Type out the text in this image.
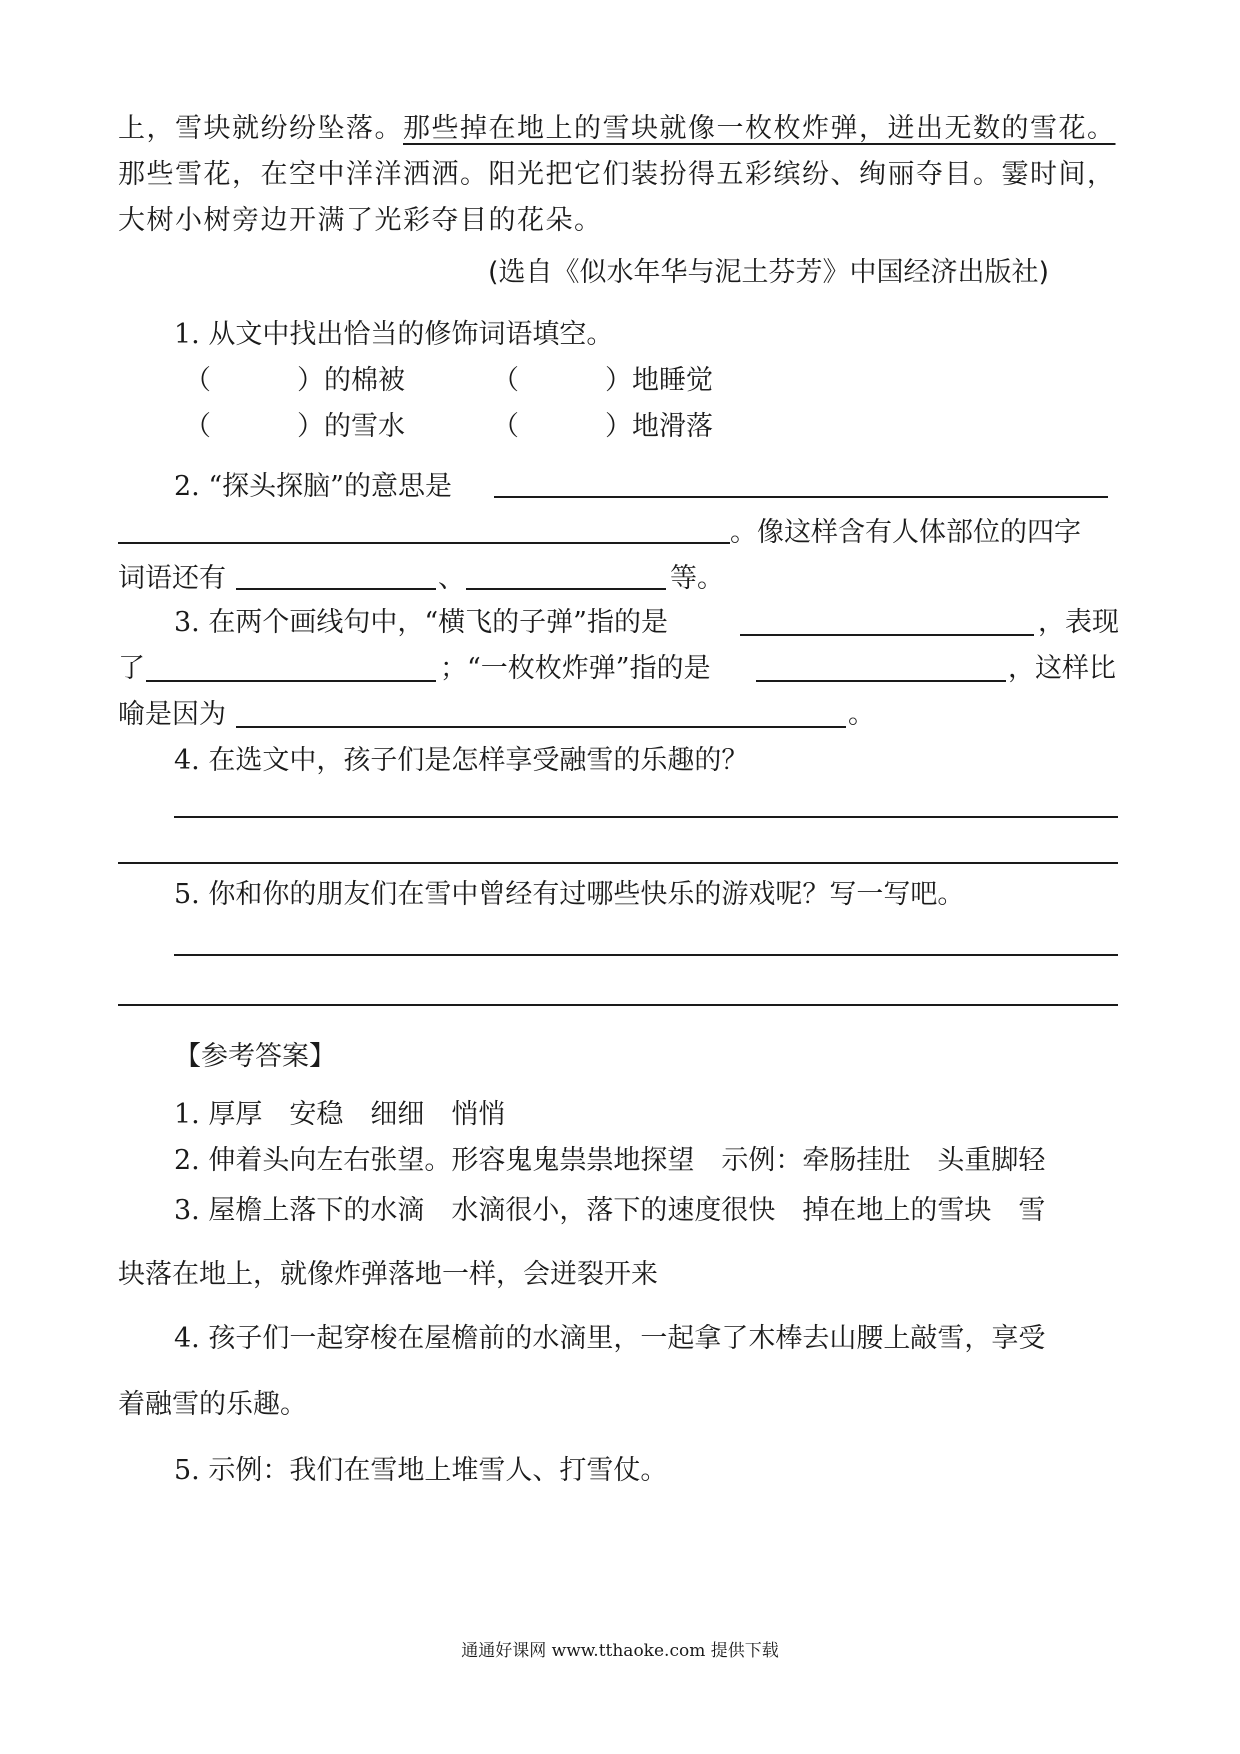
上，雪块就纷纷坠落。那些掉在地上的雪块就像一枚枚炸弹，迸出无数的雪花。
那些雪花，在空中洋洋洒洒。阳光把它们装扮得五彩缤纷、绚丽夺目。霎时间，
大树小树旁边开满了光彩夺目的花朵。
(选自《似水年华与泥土芬芳》中国经济出版社)
1. 从文中找出恰当的修饰词语填空。
（	）的棉被	（	）地睡觉
（	）的雪水	（	）地滑落
2. “探头探脑”的意思是
。像这样含有人体部位的四字
词语还有	、	等。
3. 在两个画线句中，“横飞的子弹”指的是	，表现
了	；“一枚枚炸弹”指的是	，这样比
喻是因为	。
4. 在选文中，孩子们是怎样享受融雪的乐趣的？
5. 你和你的朋友们在雪中曾经有过哪些快乐的游戏呢？写一写吧。
【参考答案】
1. 厚厚　安稳　细细　悄悄
2. 伸着头向左右张望。形容鬼鬼祟祟地探望　示例：牵肠挂肚　头重脚轻
3. 屋檐上落下的水滴　水滴很小，落下的速度很快　掉在地上的雪块　雪
块落在地上，就像炸弹落地一样，会迸裂开来
4. 孩子们一起穿梭在屋檐前的水滴里，一起拿了木棒去山腰上敲雪，享受
着融雪的乐趣。
5. 示例：我们在雪地上堆雪人、打雪仗。
通通好课网 www.tthaoke.com 提供下载
